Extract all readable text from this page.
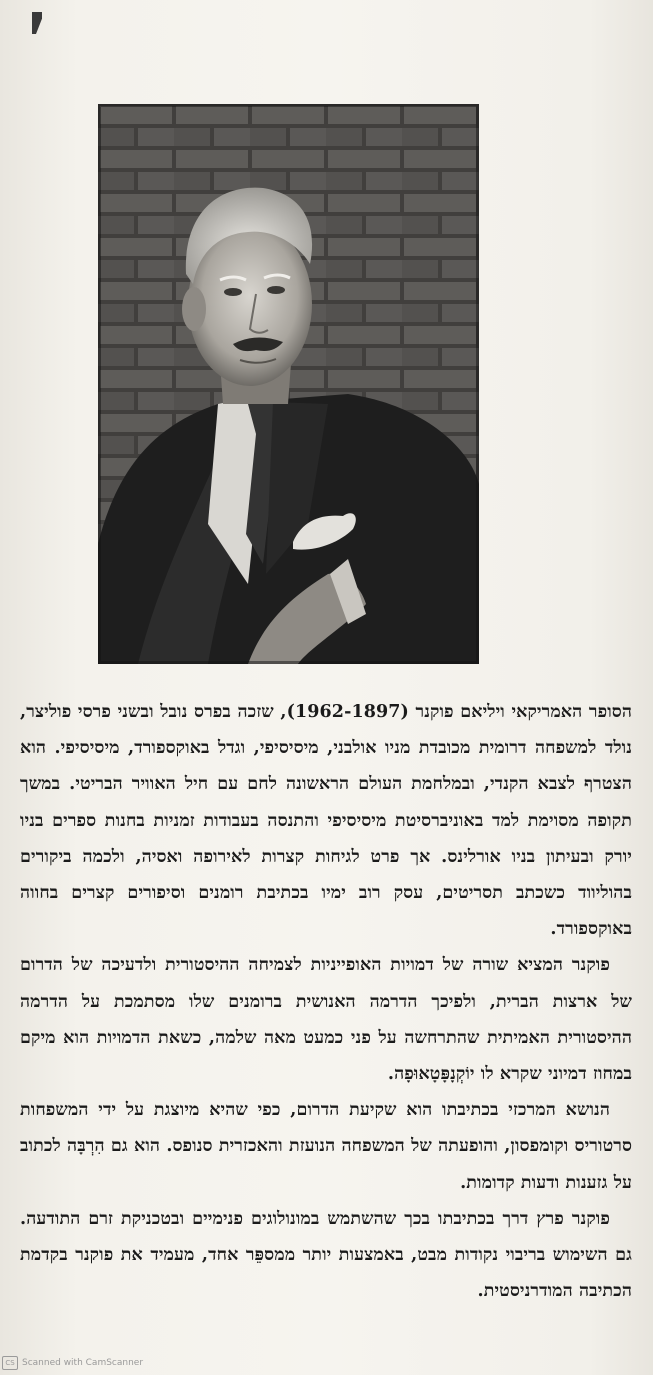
הסופר האמריקאי ויליאם פוקנר (1962-1897), שזכה בפרס נובל ובשני פרסי פוליצר, נולד למשפחה דרומית מכובדת מניו אולבני, מיסיסיפי, וגדל באוקספורד, מיסיסיפי. הוא הצטרף לצבא הקנדי, ובמלחמת העולם הראשונה לחם עם חיל האוויר הבריטי. במשך תקופה מסוימת למד באוניברסיטת מיסיסיפי והתנסה בעבודות זמניות בחנות ספרים בניו יורק ובעיתון בניו אורלינס. אך פרט לגיחות קצרות לאירופה ואסיה, ולכמה ביקורים בהוליווד כשכתב תסריטים, עסק רוב ימיו בכתיבת רומנים וסיפורים קצרים בחווה באוקספורד.

פוקנר המציא שורה של דמויות האופייניות לצמיחה ההיסטורית ולדעיכה של הדרום של ארצות הברית, ולפיכך הדרמה האנושית ברומנים שלו מסתמכת על הדרמה ההיסטורית האמיתית שהתרחשה על פני כמעט מאה שלמה, כשאת הדמויות הוא מיקם במחוז דמיוני שקרא לו יוֹקְנָפָּטָאוּפָה.

הנושא המרכזי בכתיבתו הוא שקיעת הדרום, כפי שהיא מיוצגת על ידי המשפחות סרטוריס וקומפסון, והופעתה של המשפחה הנועזת והאכזרית סנופס. הוא גם הִרְבָּה לכתוב על גזענות ודעות קדומות.

פוקנר פרץ דרך בכתיבתו בכך שהשתמש במונולוגים פנימיים ובטכניקת זרם התודעה. גם השימוש בריבוי נקודות מבט, באמצעות יותר ממספֵּר אחד, מעמיד את פוקנר בקדמת הכתיבה המודרניסטית.

CS Scanned with CamScanner
